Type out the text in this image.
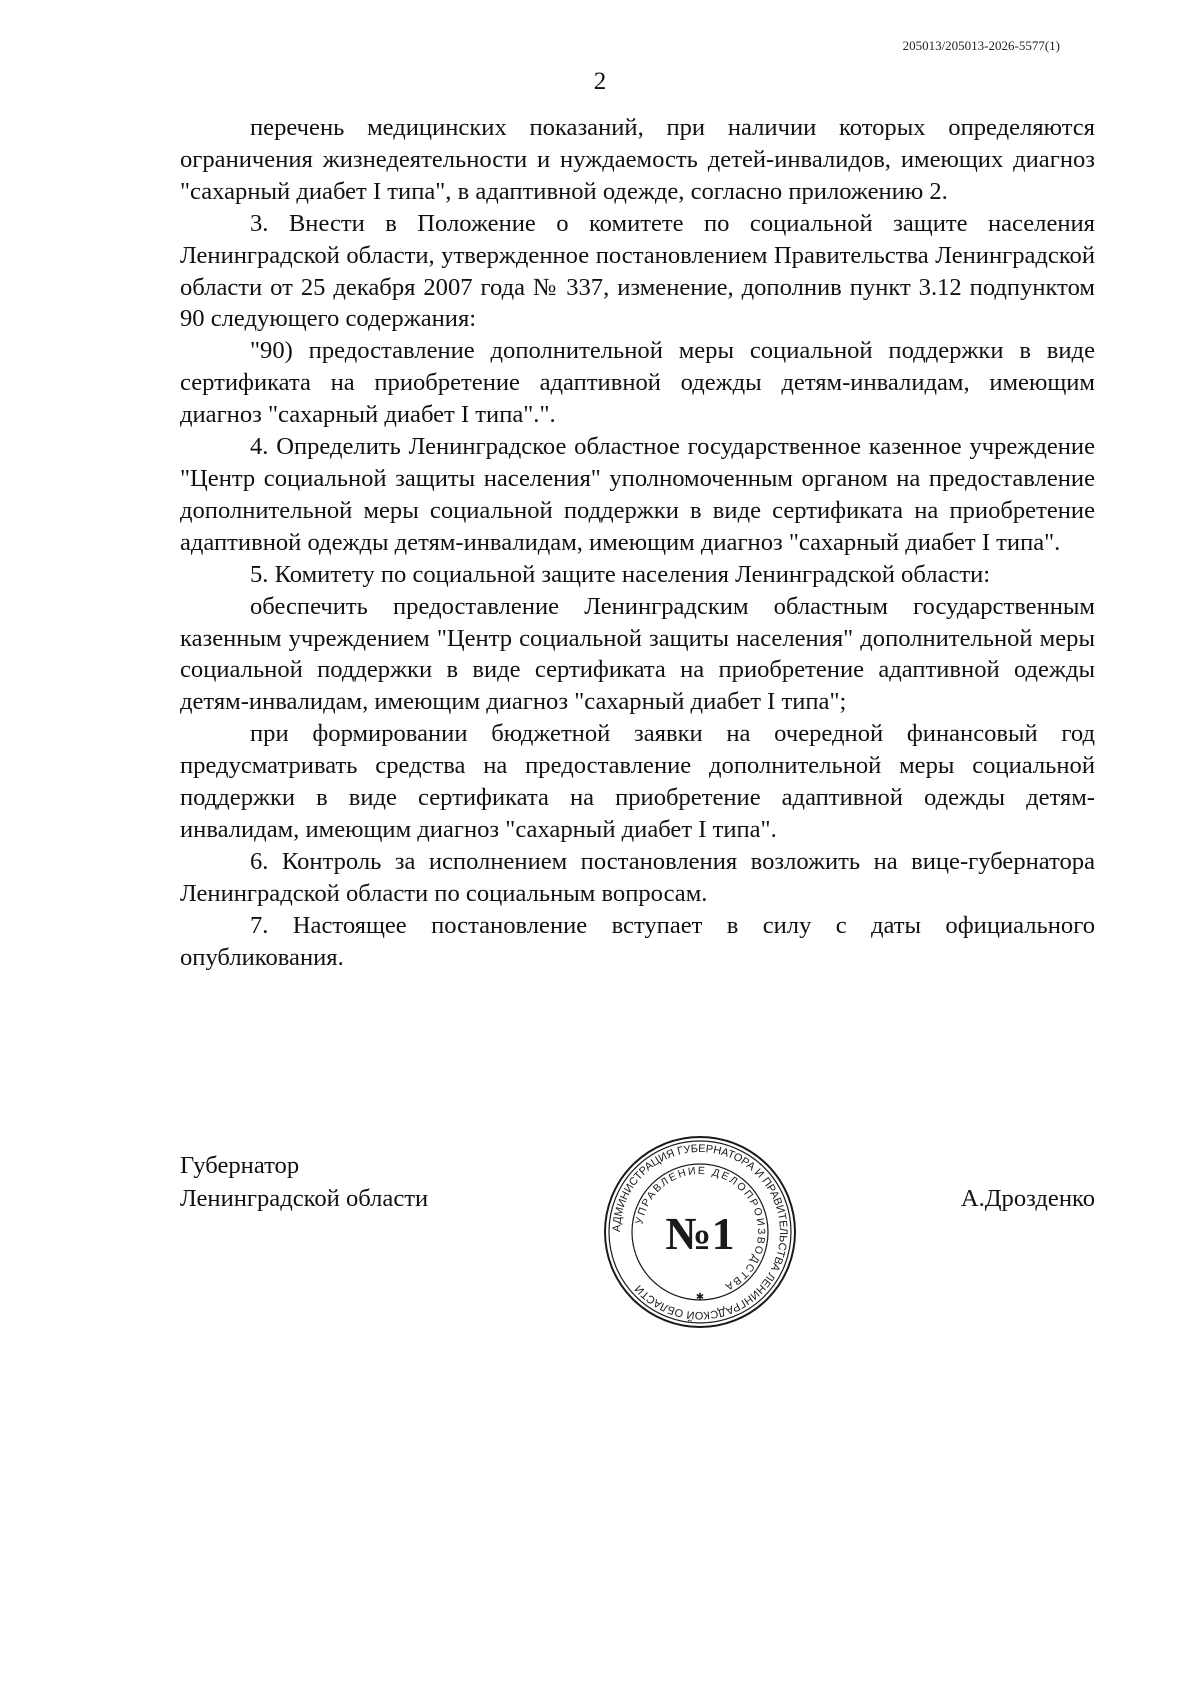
205013/205013-2026-5577(1)
2

перечень медицинских показаний, при наличии которых определяются ограничения жизнедеятельности и нуждаемость детей-инвалидов, имеющих диагноз "сахарный диабет I типа", в адаптивной одежде, согласно приложению 2.

3. Внести в Положение о комитете по социальной защите населения Ленинградской области, утвержденное постановлением Правительства Ленинградской области от 25 декабря 2007 года № 337, изменение, дополнив пункт 3.12 подпунктом 90 следующего содержания:

"90) предоставление дополнительной меры социальной поддержки в виде сертификата на приобретение адаптивной одежды детям-инвалидам, имеющим диагноз "сахарный диабет I типа".".

4. Определить Ленинградское областное государственное казенное учреждение "Центр социальной защиты населения" уполномоченным органом на предоставление дополнительной меры социальной поддержки в виде сертификата на приобретение адаптивной одежды детям-инвалидам, имеющим диагноз "сахарный диабет I типа".

5. Комитету по социальной защите населения Ленинградской области:

обеспечить предоставление Ленинградским областным государственным казенным учреждением "Центр социальной защиты населения" дополнительной меры социальной поддержки в виде сертификата на приобретение адаптивной одежды детям-инвалидам, имеющим диагноз "сахарный диабет I типа";

при формировании бюджетной заявки на очередной финансовый год предусматривать средства на предоставление дополнительной меры социальной поддержки в виде сертификата на приобретение адаптивной одежды детям-инвалидам, имеющим диагноз "сахарный диабет I типа".

6. Контроль за исполнением постановления возложить на вице-губернатора Ленинградской области по социальным вопросам.

7. Настоящее постановление вступает в силу с даты официального опубликования.

Губернатор
Ленинградской области	А.Дрозденко
АДМИНИСТРАЦИЯ ГУБЕРНАТОРА И ПРАВИТЕЛЬСТВА ЛЕНИНГРАДСКОЙ ОБЛАСТИ
УПРАВЛЕНИЕ ДЕЛОПРОИЗВОДСТВА
№1
✱
